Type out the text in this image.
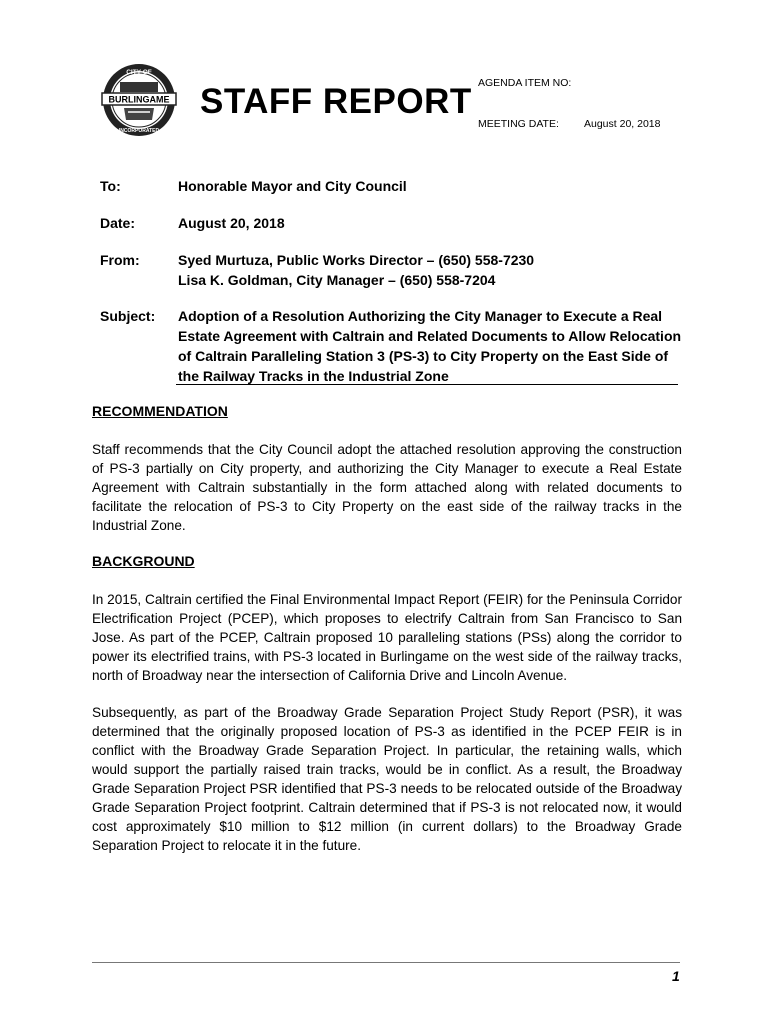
CITY OF
BURLINGAME
INCORPORATED
STAFF REPORT AGENDA ITEM NO:
MEETING DATE: August 20, 2018
To:	Honorable Mayor and City Council
Date:	August 20, 2018
From:	Syed Murtuza, Public Works Director – (650) 558-7230
Lisa K. Goldman, City Manager – (650) 558-7204
Subject: Adoption of a Resolution Authorizing the City Manager to Execute a Real
Estate Agreement with Caltrain and Related Documents to Allow Relocation
of Caltrain Paralleling Station 3 (PS-3) to City Property on the East Side of
the Railway Tracks in the Industrial Zone
RECOMMENDATION
Staff recommends that the City Council adopt the attached resolution approving the construction
of PS-3 partially on City property, and authorizing the City Manager to execute a Real Estate
Agreement with Caltrain substantially in the form attached along with related documents to
facilitate the relocation of PS-3 to City Property on the east side of the railway tracks in the
Industrial Zone.
BACKGROUND
In 2015, Caltrain certified the Final Environmental Impact Report (FEIR) for the Peninsula Corridor
Electrification Project (PCEP), which proposes to electrify Caltrain from San Francisco to San
Jose. As part of the PCEP, Caltrain proposed 10 paralleling stations (PSs) along the corridor to
power its electrified trains, with PS-3 located in Burlingame on the west side of the railway tracks,
north of Broadway near the intersection of California Drive and Lincoln Avenue.
Subsequently, as part of the Broadway Grade Separation Project Study Report (PSR), it was
determined that the originally proposed location of PS-3 as identified in the PCEP FEIR is in
conflict with the Broadway Grade Separation Project. In particular, the retaining walls, which
would support the partially raised train tracks, would be in conflict. As a result, the Broadway
Grade Separation Project PSR identified that PS-3 needs to be relocated outside of the Broadway
Grade Separation Project footprint. Caltrain determined that if PS-3 is not relocated now, it would
cost approximately $10 million to $12 million (in current dollars) to the Broadway Grade
Separation Project to relocate it in the future.
1
